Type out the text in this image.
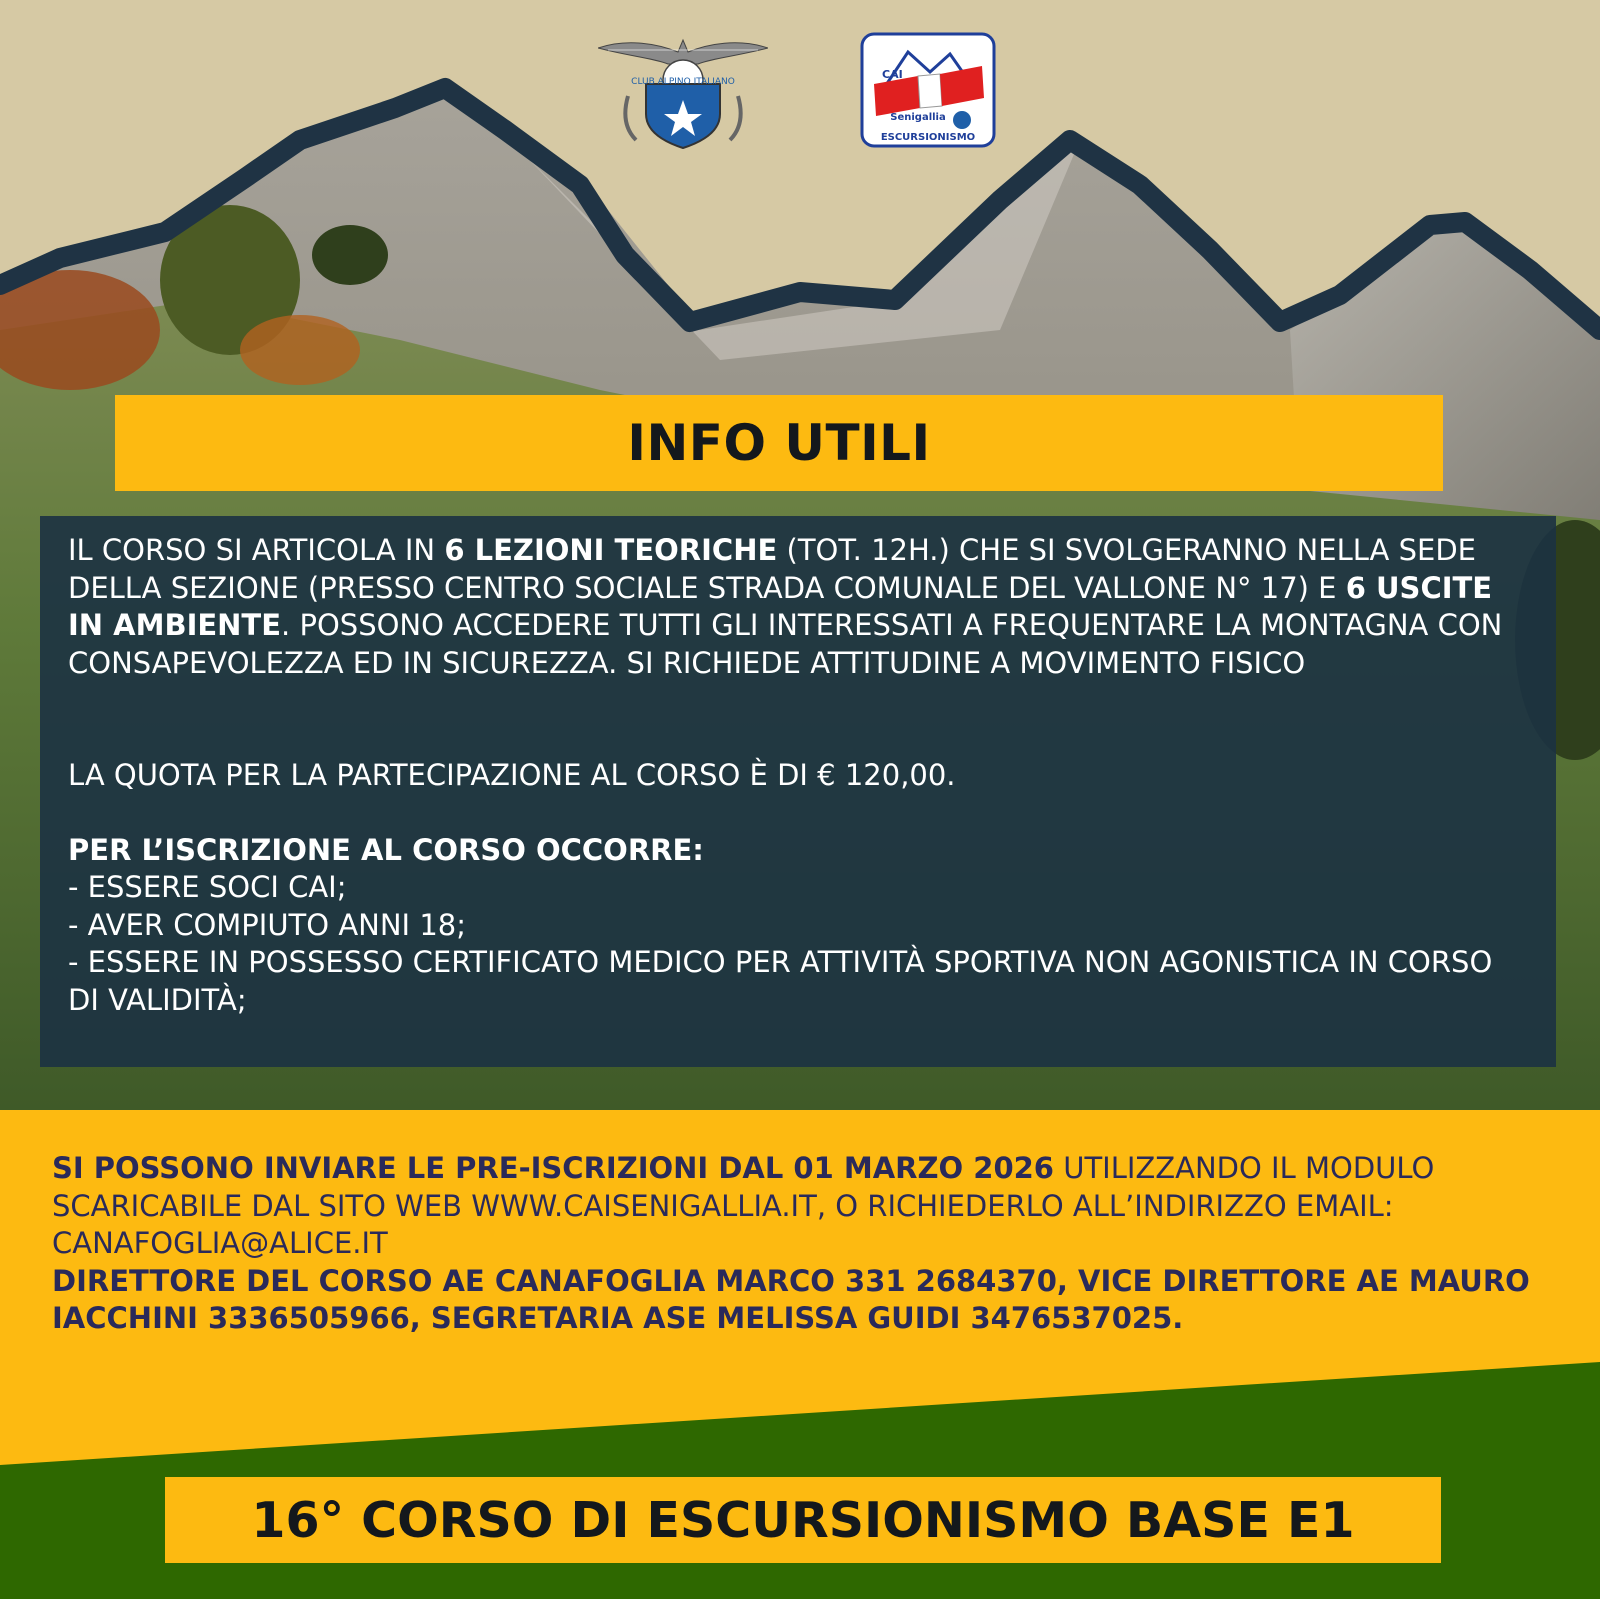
CLUB ALPINO ITALIANO
CAI
Senigallia
ESCURSIONISMO
INFO UTILI

IL CORSO SI ARTICOLA IN 6 LEZIONI TEORICHE (TOT. 12H.) CHE SI SVOLGERANNO NELLA SEDE DELLA SEZIONE (PRESSO CENTRO SOCIALE STRADA COMUNALE DEL VALLONE N° 17) E 6 USCITE IN AMBIENTE. POSSONO ACCEDERE TUTTI GLI INTERESSATI A FREQUENTARE LA MONTAGNA CON CONSAPEVOLEZZA ED IN SICUREZZA. SI RICHIEDE ATTITUDINE A MOVIMENTO FISICO

LA QUOTA PER LA PARTECIPAZIONE AL CORSO È DI € 120,00.

PER L’ISCRIZIONE AL CORSO OCCORRE:

- ESSERE SOCI CAI;

- AVER COMPIUTO ANNI 18;

- ESSERE IN POSSESSO CERTIFICATO MEDICO PER ATTIVITÀ SPORTIVA NON AGONISTICA IN CORSO DI VALIDITÀ;

SI POSSONO INVIARE LE PRE-ISCRIZIONI DAL 01 MARZO 2026 UTILIZZANDO IL MODULO SCARICABILE DAL SITO WEB WWW.CAISENIGALLIA.IT, O RICHIEDERLO ALL’INDIRIZZO EMAIL: CANAFOGLIA@ALICE.IT

DIRETTORE DEL CORSO AE CANAFOGLIA MARCO 331 2684370, VICE DIRETTORE AE MAURO IACCHINI 3336505966, SEGRETARIA ASE MELISSA GUIDI 3476537025.

16° CORSO DI ESCURSIONISMO BASE E1
